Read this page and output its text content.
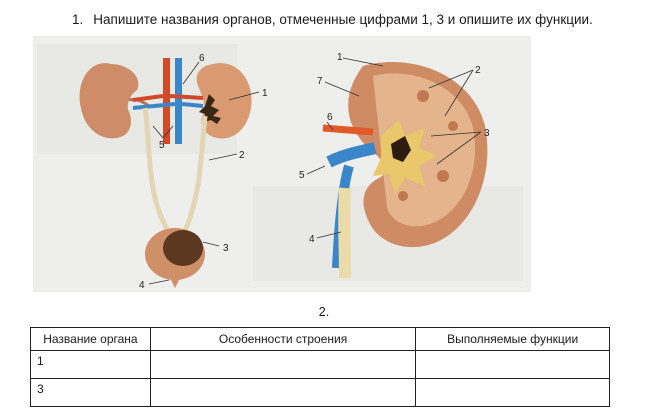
1. Напишите названия органов, отмеченные цифрами 1, 3 и опишите их функции.
6
1
5
2
3
4
1
2
7
3
6
5
4
2.
Название органа	Особенности строения	Выполняемые функции
1		
3		
